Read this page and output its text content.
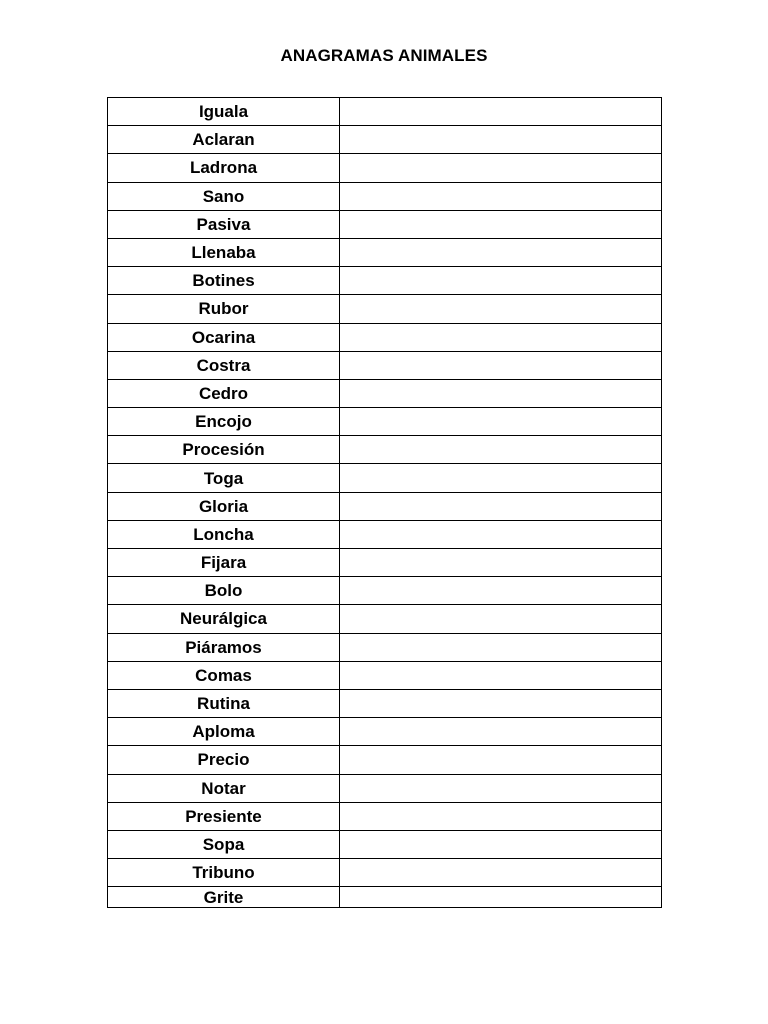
ANAGRAMAS ANIMALES
Iguala	
Aclaran	
Ladrona	
Sano	
Pasiva	
Llenaba	
Botines	
Rubor	
Ocarina	
Costra	
Cedro	
Encojo	
Procesión	
Toga	
Gloria	
Loncha	
Fijara	
Bolo	
Neurálgica	
Piáramos	
Comas	
Rutina	
Aploma	
Precio	
Notar	
Presiente	
Sopa	
Tribuno	
Grite	
